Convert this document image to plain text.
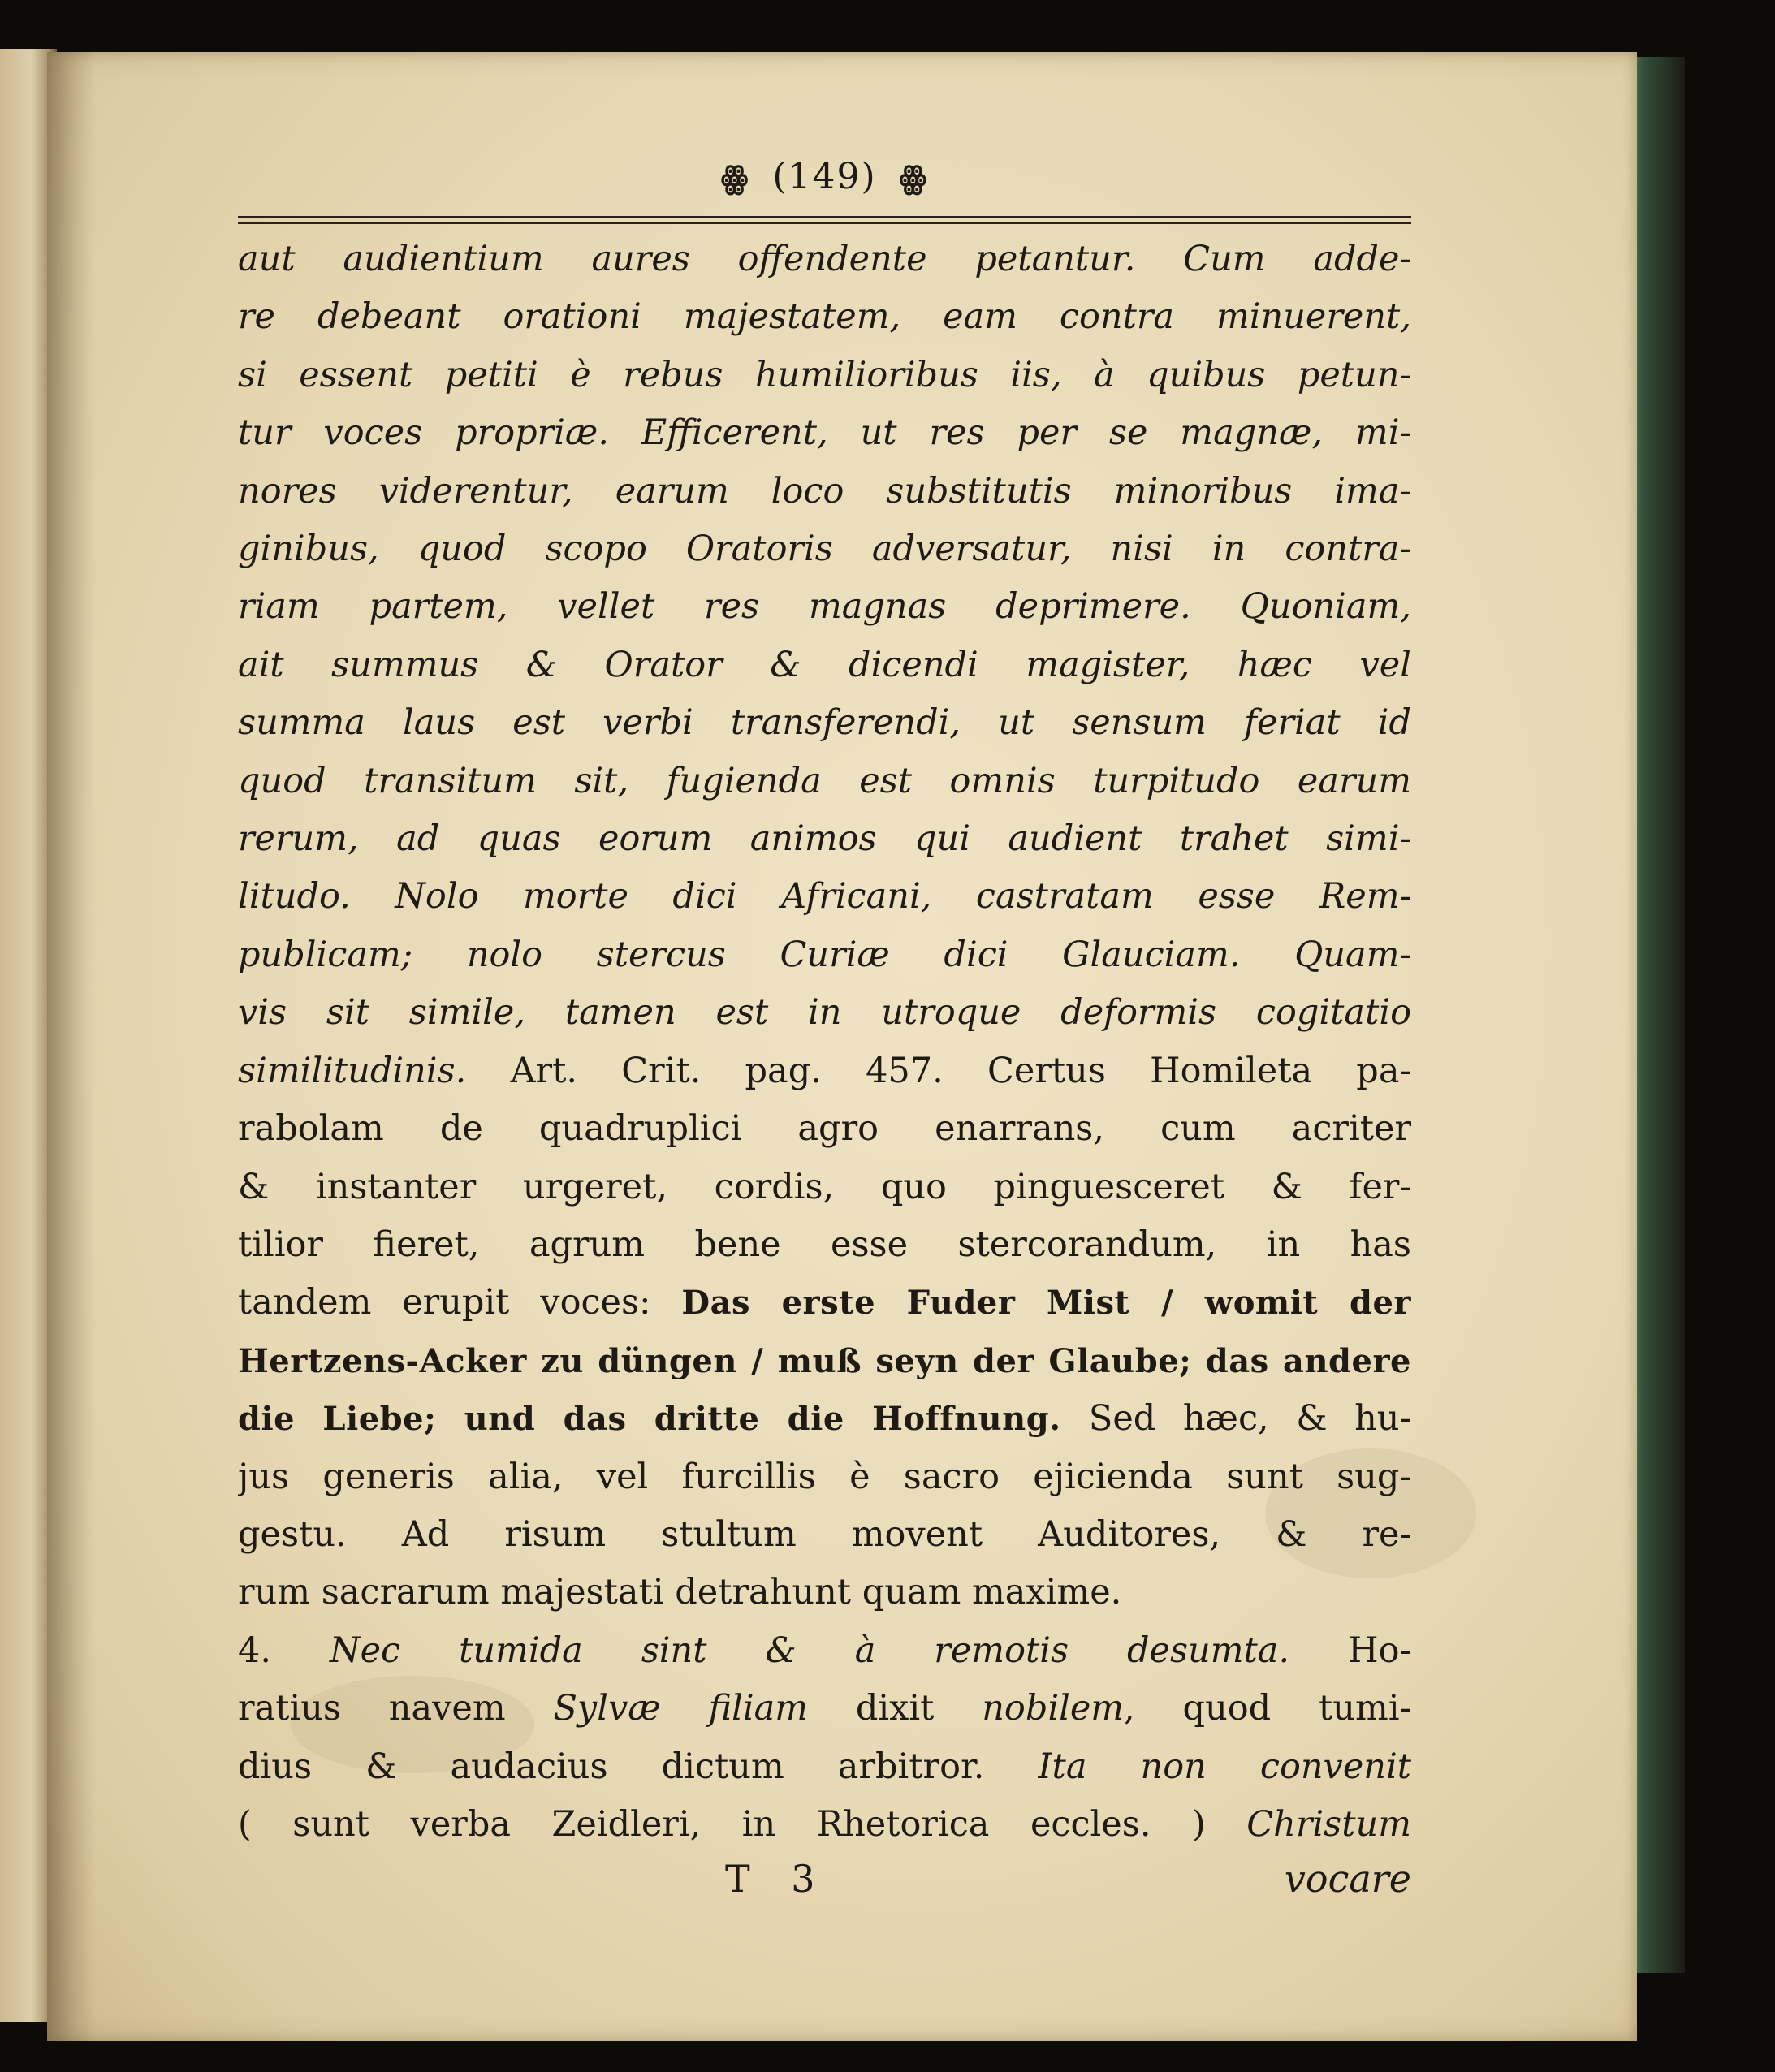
ꙮ (149) ꙮ
aut audientium aures offendente petantur. Cum adde-
re debeant orationi majestatem, eam contra minuerent,
si essent petiti è rebus humilioribus iis, à quibus petun-
tur voces propriæ. Efficerent, ut res per se magnæ, mi-
nores viderentur, earum loco substitutis minoribus ima-
ginibus, quod scopo Oratoris adversatur, nisi in contra-
riam partem, vellet res magnas deprimere. Quoniam,
ait summus & Orator & dicendi magister, hæc vel
summa laus est verbi transferendi, ut sensum feriat id
quod transitum sit, fugienda est omnis turpitudo earum
rerum, ad quas eorum animos qui audient trahet simi-
litudo. Nolo morte dici Africani, castratam esse Rem-
publicam; nolo stercus Curiæ dici Glauciam. Quam-
vis sit simile, tamen est in utroque deformis cogitatio
similitudinis. Art. Crit. pag. 457. Certus Homileta pa-
rabolam de quadruplici agro enarrans, cum acriter
& instanter urgeret, cordis, quo pinguesceret & fer-
tilior fieret, agrum bene esse stercorandum, in has
tandem erupit voces: Das erste Fuder Mist / womit der
Hertzens-Acker zu düngen / muß seyn der Glaube; das andere
die Liebe; und das dritte die Hoffnung. Sed hæc, & hu-
jus generis alia, vel furcillis è sacro ejicienda sunt sug-
gestu. Ad risum stultum movent Auditores, & re-
rum sacrarum majestati detrahunt quam maxime.
4. Nec tumida sint & à remotis desumta. Ho-
ratius navem Sylvæ filiam dixit nobilem, quod tumi-
dius & audacius dictum arbitror. Ita non convenit
( sunt verba Zeidleri, in Rhetorica eccles. ) Christum
T 3	vocare
